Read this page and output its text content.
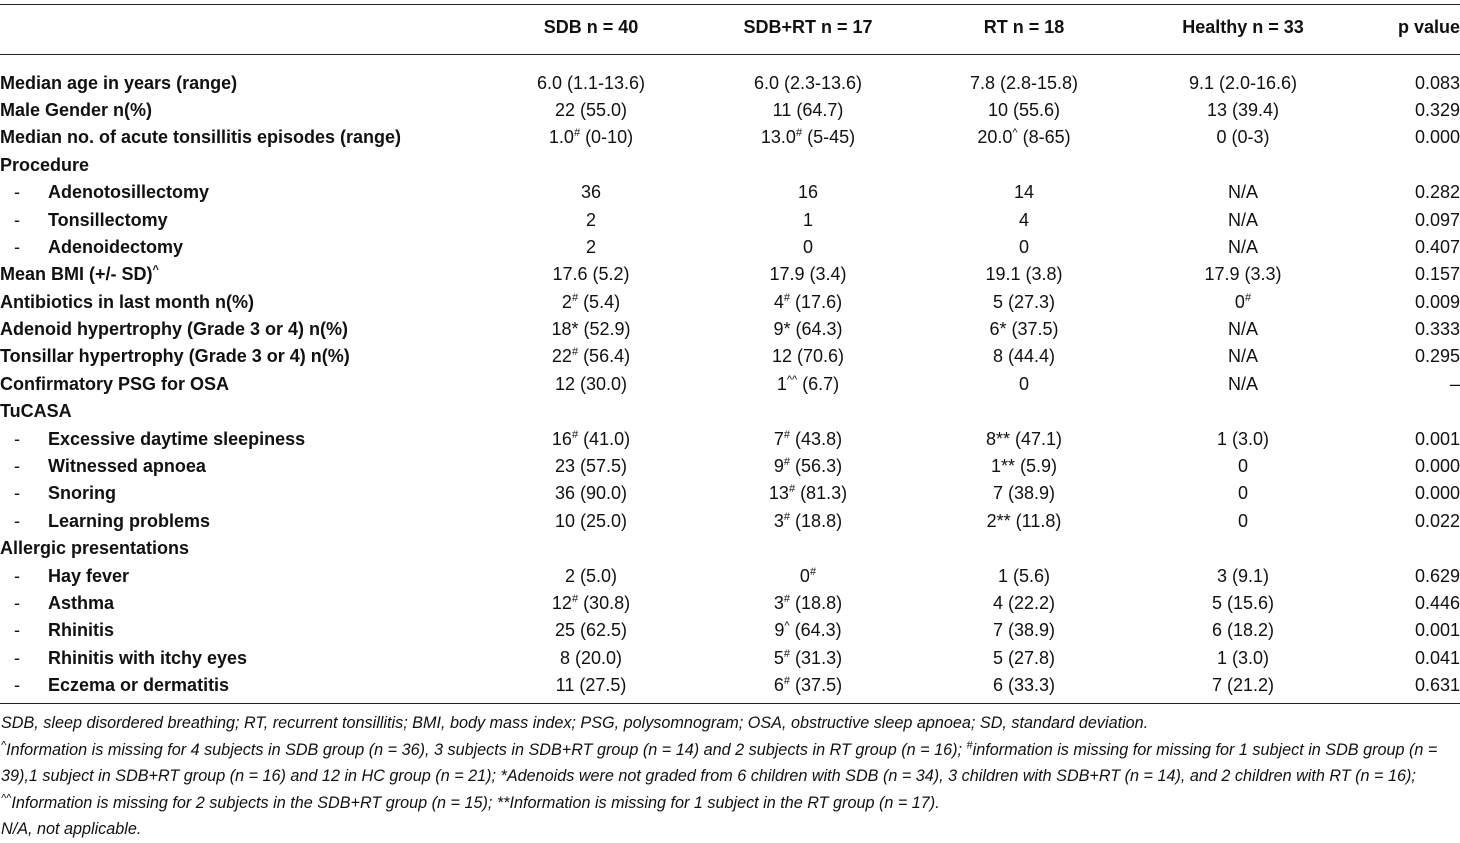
	SDB n = 40	SDB+RT n = 17	RT n = 18	Healthy n = 33	p value

Median age in years (range)	6.0 (1.1-13.6)	6.0 (2.3-13.6)	7.8 (2.8-15.8)	9.1 (2.0-16.6)	0.083
Male Gender n(%)	22 (55.0)	11 (64.7)	10 (55.6)	13 (39.4)	0.329
Median no. of acute tonsillitis episodes (range)	1.0# (0-10)	13.0# (5-45)	20.0^ (8-65)	0 (0-3)	0.000
Procedure					
- Adenotosillectomy	36	16	14	N/A	0.282
- Tonsillectomy	2	1	4	N/A	0.097
- Adenoidectomy	2	0	0	N/A	0.407
Mean BMI (+/- SD)^	17.6 (5.2)	17.9 (3.4)	19.1 (3.8)	17.9 (3.3)	0.157
Antibiotics in last month n(%)	2# (5.4)	4# (17.6)	5 (27.3)	0#	0.009
Adenoid hypertrophy (Grade 3 or 4) n(%)	18* (52.9)	9* (64.3)	6* (37.5)	N/A	0.333
Tonsillar hypertrophy (Grade 3 or 4) n(%)	22# (56.4)	12 (70.6)	8 (44.4)	N/A	0.295
Confirmatory PSG for OSA	12 (30.0)	1^^ (6.7)	0	N/A	–
TuCASA					
- Excessive daytime sleepiness	16# (41.0)	7# (43.8)	8** (47.1)	1 (3.0)	0.001
- Witnessed apnoea	23 (57.5)	9# (56.3)	1** (5.9)	0	0.000
- Snoring	36 (90.0)	13# (81.3)	7 (38.9)	0	0.000
- Learning problems	10 (25.0)	3# (18.8)	2** (11.8)	0	0.022
Allergic presentations					
- Hay fever	2 (5.0)	0#	1 (5.6)	3 (9.1)	0.629
- Asthma	12# (30.8)	3# (18.8)	4 (22.2)	5 (15.6)	0.446
- Rhinitis	25 (62.5)	9^ (64.3)	7 (38.9)	6 (18.2)	0.001
- Rhinitis with itchy eyes	8 (20.0)	5# (31.3)	5 (27.8)	1 (3.0)	0.041
- Eczema or dermatitis	11 (27.5)	6# (37.5)	6 (33.3)	7 (21.2)	0.631

SDB, sleep disordered breathing; RT, recurrent tonsillitis; BMI, body mass index; PSG, polysomnogram; OSA, obstructive sleep apnoea; SD, standard deviation.

^Information is missing for 4 subjects in SDB group (n = 36), 3 subjects in SDB+RT group (n = 14) and 2 subjects in RT group (n = 16); #information is missing for missing for 1 subject in SDB group (n = 39),1 subject in SDB+RT group (n = 16) and 12 in HC group (n = 21); *Adenoids were not graded from 6 children with SDB (n = 34), 3 children with SDB+RT (n = 14), and 2 children with RT (n = 16); ^^Information is missing for 2 subjects in the SDB+RT group (n = 15); **Information is missing for 1 subject in the RT group (n = 17).

N/A, not applicable.
